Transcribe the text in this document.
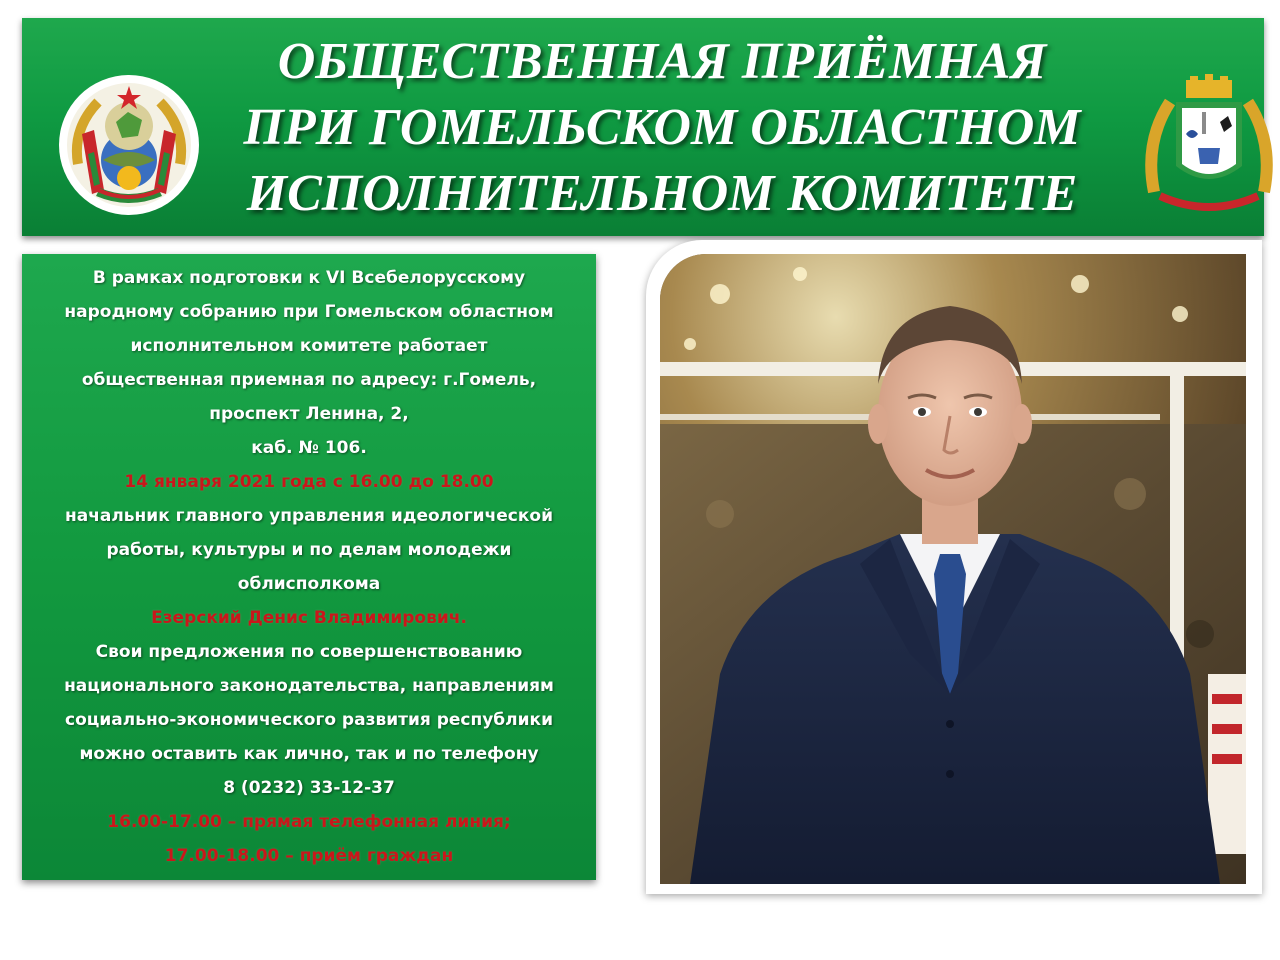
ОБЩЕСТВЕННАЯ ПРИЁМНАЯ
ПРИ ГОМЕЛЬСКОМ ОБЛАСТНОМ
ИСПОЛНИТЕЛЬНОМ КОМИТЕТЕ

В рамках подготовки к VI Всебелорусскому

народному собранию при Гомельском областном

исполнительном комитете работает

общественная приемная по адресу: г.Гомель,

проспект Ленина, 2,

каб. № 106.

14 января 2021 года с 16.00 до 18.00

начальник главного управления идеологической

работы, культуры и по делам молодежи

облисполкома

Езерский Денис Владимирович.

Свои предложения по совершенствованию

национального законодательства, направлениям

социально-экономического развития республики

можно оставить как лично, так и по телефону

8 (0232) 33-12-37

16.00-17.00 – прямая телефонная линия;

17.00-18.00 – приём граждан
